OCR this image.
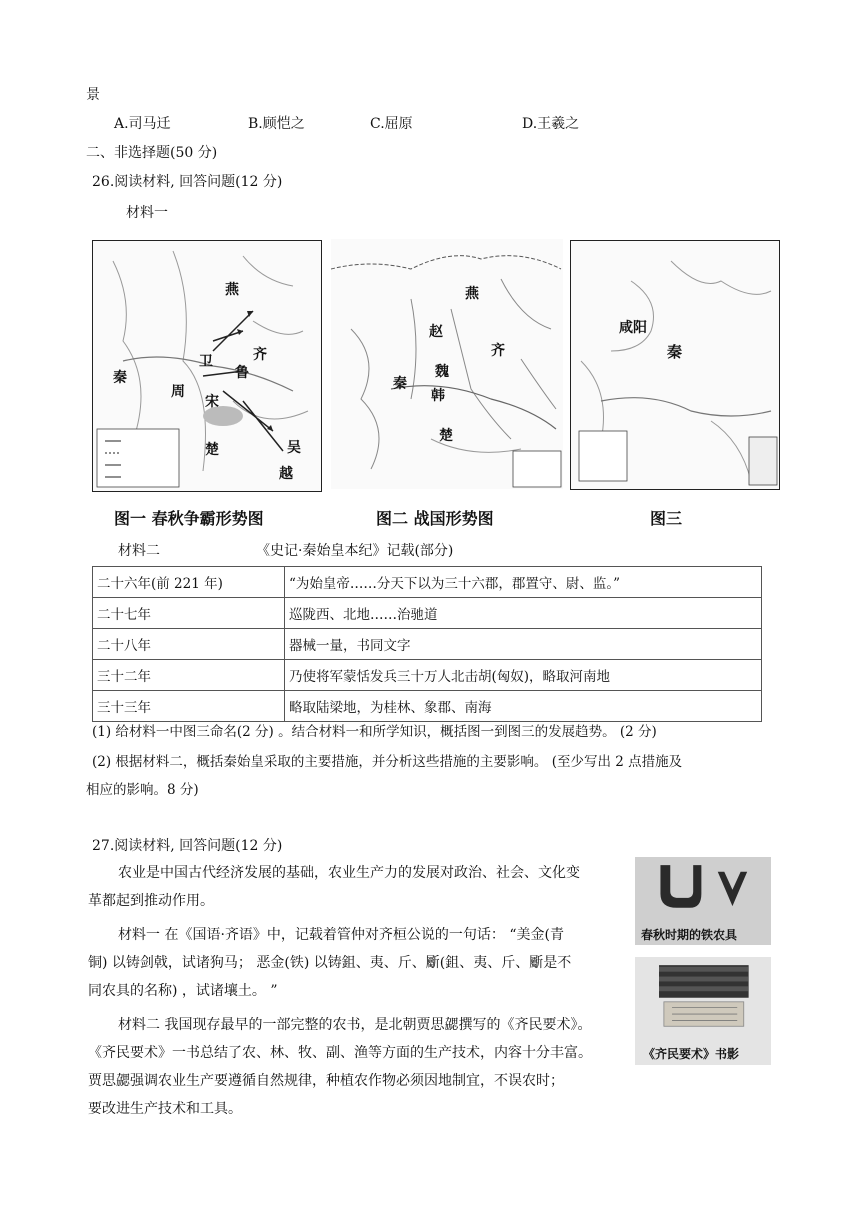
景
A.司马迁	B.顾恺之	C.屈原	D.王羲之
二、非选择题(50 分)
26.阅读材料, 回答问题(12 分)
材料一
燕
卫	齐
鲁
秦
周
宋
楚	吴
越
图一 春秋争霸形势图
燕
赵
齐
魏
秦
韩
楚
图二 战国形势图
咸阳
秦
图三
材料二	《史记·秦始皇本纪》记载(部分)
二十六年(前 221 年)	“为始皇帝……分天下以为三十六郡，郡置守、尉、监。”
二十七年	巡陇西、北地……治驰道
二十八年	器械一量，书同文字
三十二年	乃使将军蒙恬发兵三十万人北击胡(匈奴)，略取河南地
三十三年	略取陆梁地，为桂林、象郡、南海
(1) 给材料一中图三命名(2 分) 。结合材料一和所学知识，概括图一到图三的发展趋势。 (2 分)
(2) 根据材料二，概括秦始皇采取的主要措施，并分析这些措施的主要影响。 (至少写出 2 点措施及
相应的影响。8 分)
27.阅读材料, 回答问题(12 分)
农业是中国古代经济发展的基础，农业生产力的发展对政治、社会、文化变
革都起到推动作用。
材料一 在《国语·齐语》中，记载着管仲对齐桓公说的一句话： “美金(青
铜) 以铸剑戟，试诸狗马； 恶金(铁) 以铸鉏、夷、斤、斸(鉏、夷、斤、斸是不
同农具的名称) ，试诸壤土。 ”
材料二 我国现存最早的一部完整的农书，是北朝贾思勰撰写的《齐民要术》。
《齐民要术》一书总结了农、林、牧、副、渔等方面的生产技术，内容十分丰富。
贾思勰强调农业生产要遵循自然规律，种植农作物必须因地制宜，不误农时；
要改进生产技术和工具。
春秋时期的铁农具
《齐民要术》书影
